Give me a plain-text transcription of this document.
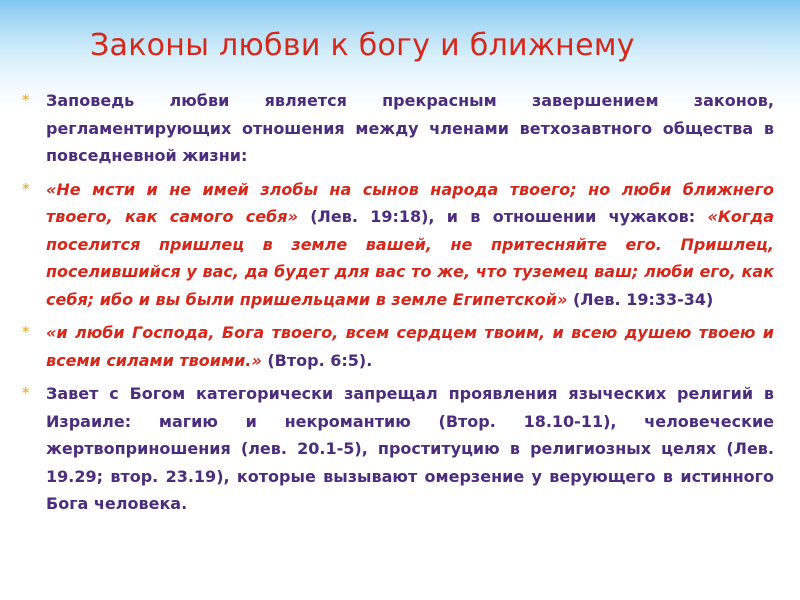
Законы любви к богу и ближнему
* Заповедь любви является прекрасным завершением законов, регламентирующих отношения между членами ветхозавтного общества в повседневной жизни:
* «Не мсти и не имей злобы на сынов народа твоего; но люби ближнего твоего, как самого себя» (Лев. 19:18), и в отношении чужаков: «Когда поселится пришлец в земле вашей, не притесняйте его. Пришлец, поселившийся у вас, да будет для вас то же, что туземец ваш; люби его, как себя; ибо и вы были пришельцами в земле Египетской» (Лев. 19:33-34)
* «и люби Господа, Бога твоего, всем сердцем твоим, и всею душею твоею и всеми силами твоими.» (Втор. 6:5).
* Завет с Богом категорически запрещал проявления языческих религий в Израиле: магию и некромантию (Втор. 18.10-11), человеческие жертвоприношения (лев. 20.1-5), проституцию в религиозных целях (Лев. 19.29; втор. 23.19), которые вызывают омерзение у верующего в истинного Бога человека.
